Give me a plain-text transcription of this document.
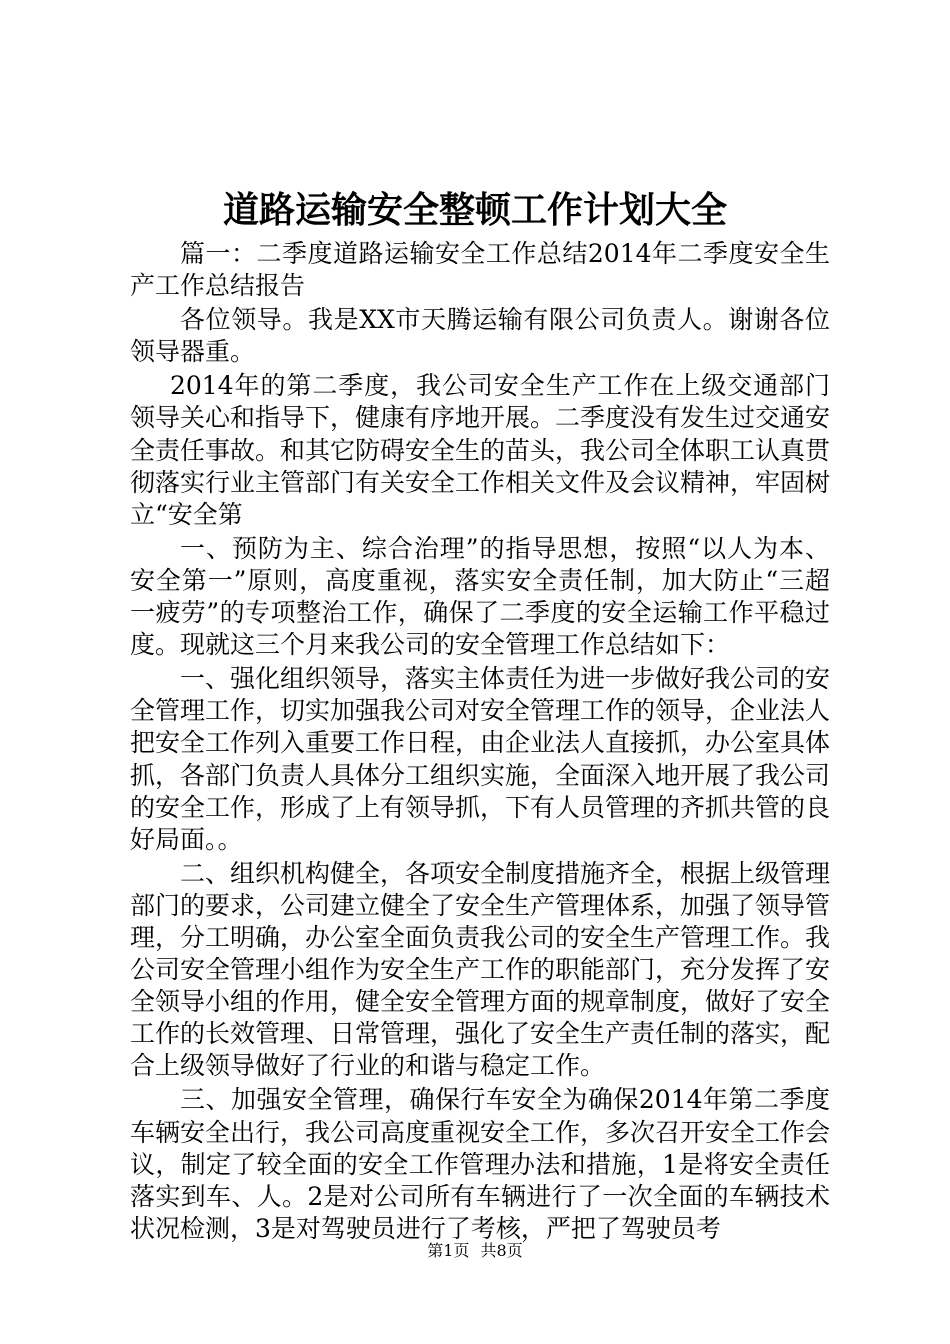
道路运输安全整顿工作计划大全

篇一：二季度道路运输安全工作总结2014年二季度安全生产工作总结报告

各位领导。我是XX市天腾运输有限公司负责人。谢谢各位领导器重。

2014年的第二季度，我公司安全生产工作在上级交通部门领导关心和指导下，健康有序地开展。二季度没有发生过交通安全责任事故。和其它防碍安全生的苗头，我公司全体职工认真贯彻落实行业主管部门有关安全工作相关文件及会议精神，牢固树立“安全第

一、预防为主、综合治理”的指导思想，按照“以人为本、安全第一”原则，高度重视，落实安全责任制，加大防止“三超一疲劳”的专项整治工作，确保了二季度的安全运输工作平稳过度。现就这三个月来我公司的安全管理工作总结如下：

一、强化组织领导，落实主体责任为进一步做好我公司的安全管理工作，切实加强我公司对安全管理工作的领导，企业法人把安全工作列入重要工作日程，由企业法人直接抓，办公室具体抓，各部门负责人具体分工组织实施，全面深入地开展了我公司的安全工作，形成了上有领导抓，下有人员管理的齐抓共管的良好局面。。

二、组织机构健全，各项安全制度措施齐全，根据上级管理部门的要求，公司建立健全了安全生产管理体系，加强了领导管理，分工明确，办公室全面负责我公司的安全生产管理工作。我公司安全管理小组作为安全生产工作的职能部门，充分发挥了安全领导小组的作用，健全安全管理方面的规章制度，做好了安全工作的长效管理、日常管理，强化了安全生产责任制的落实，配合上级领导做好了行业的和谐与稳定工作。

三、加强安全管理，确保行车安全为确保2014年第二季度车辆安全出行，我公司高度重视安全工作，多次召开安全工作会议，制定了较全面的安全工作管理办法和措施，1是将安全责任落实到车、人。2是对公司所有车辆进行了一次全面的车辆技术状况检测，3是对驾驶员进行了考核，严把了驾驶员考

第1页 共8页
